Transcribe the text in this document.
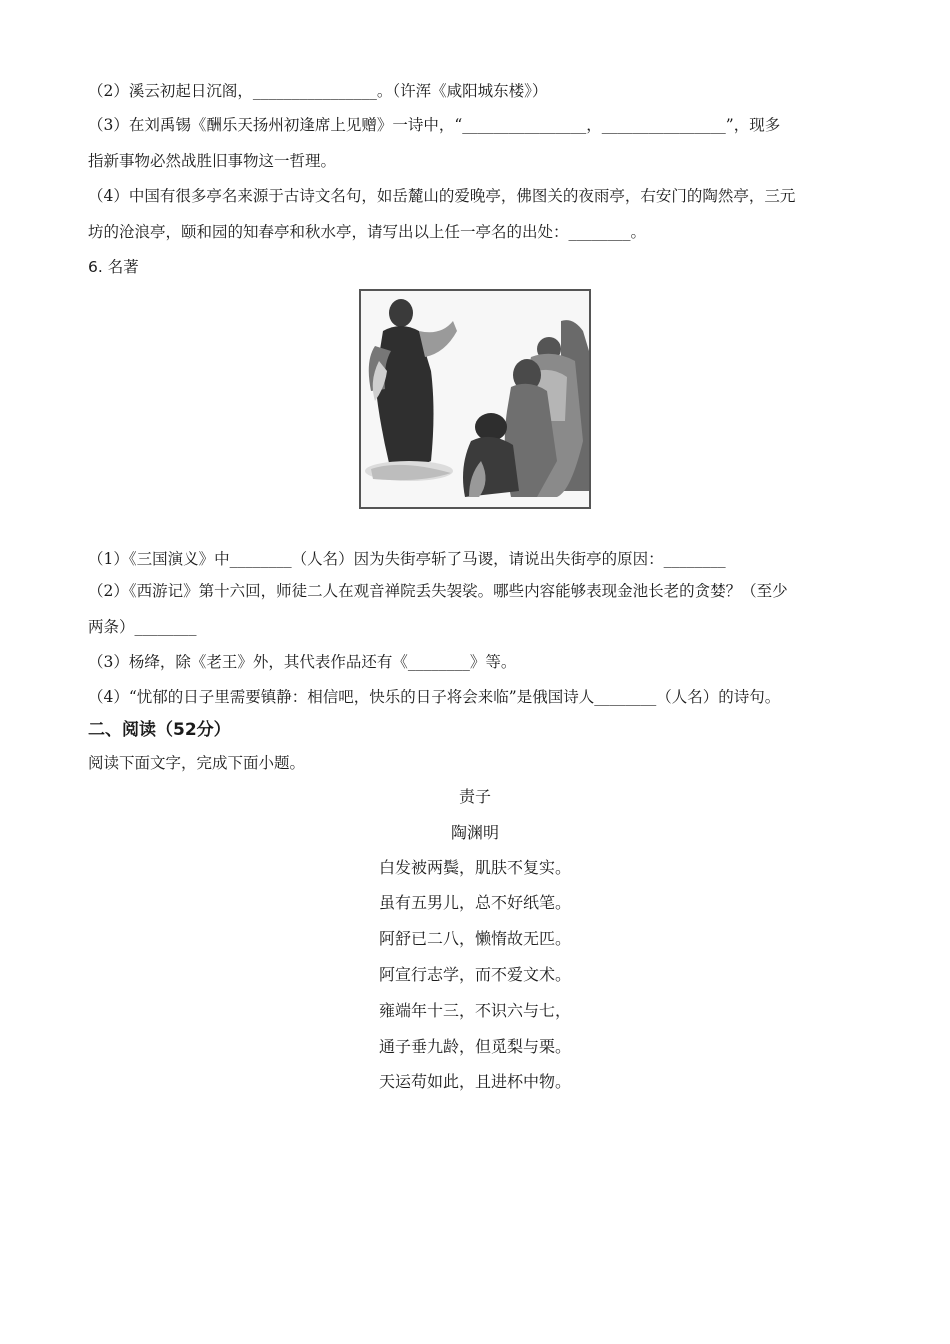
（2）溪云初起日沉阁，________________。（许浑《咸阳城东楼》）
（3）在刘禹锡《酬乐天扬州初逢席上见赠》一诗中，“________________，________________”，现多
指新事物必然战胜旧事物这一哲理。
（4）中国有很多亭名来源于古诗文名句，如岳麓山的爱晚亭，佛图关的夜雨亭，右安门的陶然亭，三元
坊的沧浪亭，颐和园的知春亭和秋水亭，请写出以上任一亭名的出处：________。
6. 名著
（1）《三国演义》中________（人名）因为失街亭斩了马谡，请说出失街亭的原因：________
（2）《西游记》第十六回，师徒二人在观音禅院丢失袈裟。哪些内容能够表现金池长老的贪婪？（至少
两条）________
（3）杨绛，除《老王》外，其代表作品还有《________》等。
（4）“忧郁的日子里需要镇静：相信吧，快乐的日子将会来临”是俄国诗人________（人名）的诗句。
二、阅读（52分）
阅读下面文字，完成下面小题。
责子
陶渊明
白发被两鬓，肌肤不复实。
虽有五男儿，总不好纸笔。
阿舒已二八，懒惰故无匹。
阿宣行志学，而不爱文术。
雍端年十三，不识六与七，
通子垂九龄，但觅梨与栗。
天运苟如此，且进杯中物。
